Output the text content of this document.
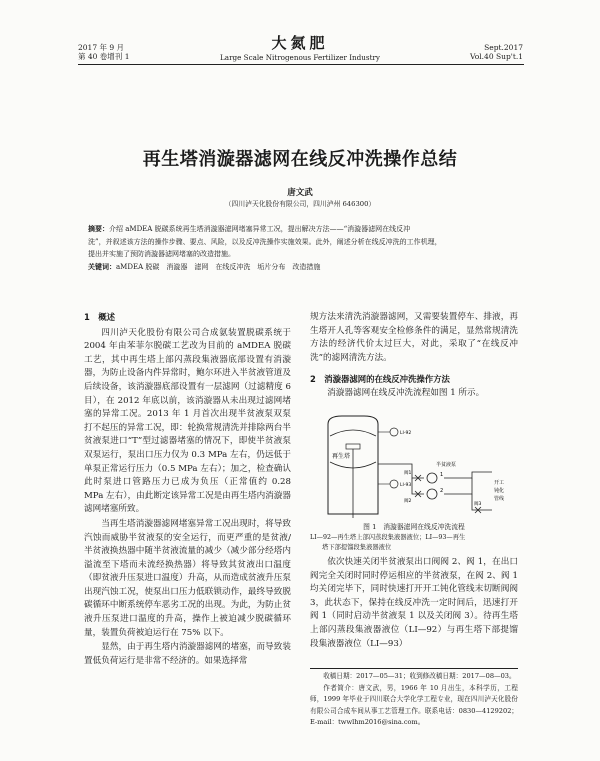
2017 年 9 月
第 40 卷增刊 1
大氮肥
Large Scale Nitrogenous Fertilizer Industry
Sept.2017
Vol.40 Sup't.1
再生塔消漩器滤网在线反冲洗操作总结
唐文武
（四川泸天化股份有限公司，四川泸州 646300）
摘要：介绍 aMDEA 脱碳系统再生塔消漩器滤网堵塞异常工况，提出解决方法——“消漩器滤网在线反冲
洗”，并叙述该方法的操作步骤、要点、风险，以及反冲洗操作实施效果。此外，阐述分析在线反冲洗的工作机理，
提出并实施了预防消漩器滤网堵塞的改造措施。
关键词：aMDEA 脱碳　消漩器　滤网　在线反冲洗　垢片分布　改造措施

1　概述

四川泸天化股份有限公司合成氨装置脱碳系统于 2004 年由苯菲尔脱碳工艺改为目前的 aMDEA 脱碳工艺，其中再生塔上部闪蒸段集液器底部设置有消漩器，为防止设备内件异常时，鲍尔环进入半贫液管道及后续设备，该消漩器底部设置有一层滤网（过滤精度 6 目），在 2012 年底以前，该消漩器从未出现过滤网堵塞的异常工况。2013 年 1 月首次出现半贫液泵双泵打不起压的异常工况，即：轮换常规清洗并排除两台半贫液泵进口“T”型过滤器堵塞的情况下，即使半贫液泵双泵运行，泵出口压力仅为 0.3 MPa 左右，仍远低于单泵正常运行压力（0.5 MPa 左右）；加之，检查确认此时泵进口管路压力已成为负压（正常值约 0.28 MPa 左右），由此断定该异常工况是由再生塔内消漩器滤网堵塞所致。

当再生塔消漩器滤网堵塞异常工况出现时，将导致汽蚀而威胁半贫液泵的安全运行，而更严重的是贫液/半贫液换热器中随半贫液流量的减少（减少部分经塔内溢流至下塔而未流经换热器）将导致其贫液出口温度（即贫液升压泵进口温度）升高，从而造成贫液升压泵出现汽蚀工况，使泵出口压力低联锁动作，最终导致脱碳循环中断系统停车恶劣工况的出现。为此，为防止贫液升压泵进口温度的升高，操作上被迫减少脱碳循环量，装置负荷被迫运行在 75% 以下。

显然，由于再生塔内消漩器滤网的堵塞，而导致装置低负荷运行是非常不经济的。如果选择常

规方法来清洗消漩器滤网，又需要装置停车、排液，再生塔开人孔等客观安全检修条件的满足，显然常规清洗方法的经济代价太过巨大，对此，采取了“在线反冲洗”的滤网清洗方法。

2　消漩器滤网的在线反冲洗操作方法

消漩器滤网在线反冲洗流程如图 1 所示。

再生塔
LI-92
LI-93
半贫液泵
1
2
阀1
阀2
阀3
开工
钝化
管线
图 1　消漩器滤网在线反冲洗流程
LI—92—再生塔上部闪蒸段集液器液位；LI—93—再生
塔下部提馏段集液器液位

依次快速关闭半贫液泵出口阀阀 2、阀 1，在出口阀完全关闭时同时停运相应的半贫液泵，在阀 2、阀 1 均关闭完毕下，同时快速打开开工钝化管线末切断阀阀 3，此状态下，保持在线反冲洗一定时间后，迅速打开阀 1（同时启动半贫液泵 1 以及关闭阀 3）。待再生塔上部闪蒸段集液器液位（LI—92）与再生塔下部提馏段集液器液位（LI—93）

收稿日期：2017—05—31；收到修改稿日期：2017—08—03。
作者简介：唐文武，男，1966 年 10 月出生，本科学历，工程师，1999 年毕业于四川联合大学化学工程专业，现在四川泸天化股份有限公司合成车间从事工艺管理工作。联系电话：0830—4129202；E-mail：twwlhm2016@sina.com。
